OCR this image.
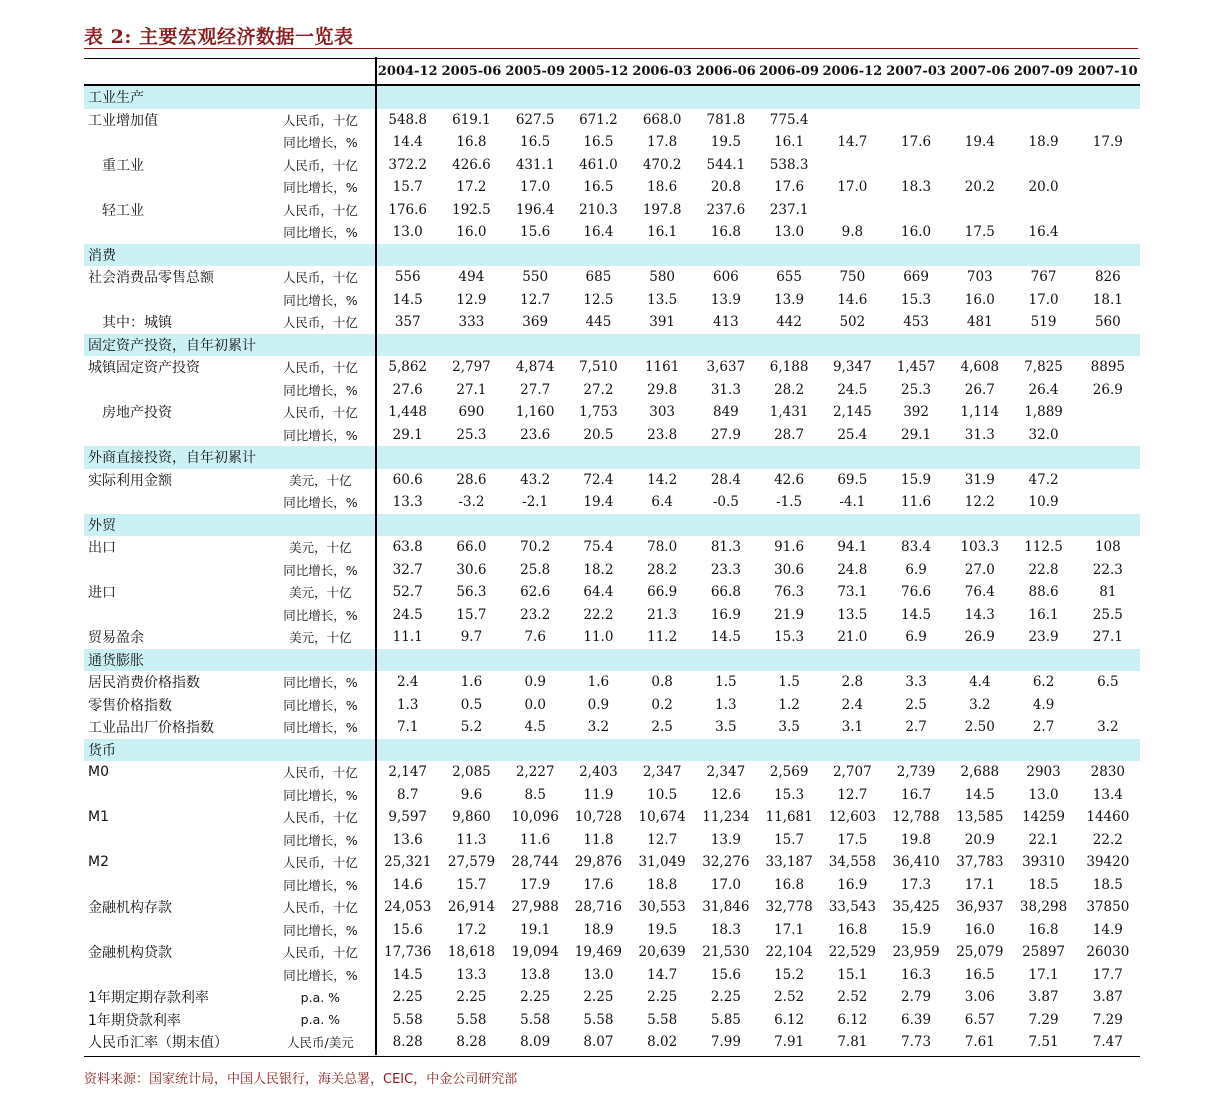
表 2: 主要宏观经济数据一览表
		2004-12	2005-06	2005-09	2005-12	2006-03	2006-06	2006-09	2006-12	2007-03	2007-06	2007-09	2007-10
工业生产													
工业增加值	人民币，十亿	548.8	619.1	627.5	671.2	668.0	781.8	775.4					
	同比增长，%	14.4	16.8	16.5	16.5	17.8	19.5	16.1	14.7	17.6	19.4	18.9	17.9
重工业	人民币，十亿	372.2	426.6	431.1	461.0	470.2	544.1	538.3					
	同比增长，%	15.7	17.2	17.0	16.5	18.6	20.8	17.6	17.0	18.3	20.2	20.0	
轻工业	人民币，十亿	176.6	192.5	196.4	210.3	197.8	237.6	237.1					
	同比增长，%	13.0	16.0	15.6	16.4	16.1	16.8	13.0	9.8	16.0	17.5	16.4	
消费													
社会消费品零售总额	人民币，十亿	556	494	550	685	580	606	655	750	669	703	767	826
	同比增长，%	14.5	12.9	12.7	12.5	13.5	13.9	13.9	14.6	15.3	16.0	17.0	18.1
其中：城镇	人民币，十亿	357	333	369	445	391	413	442	502	453	481	519	560
固定资产投资，自年初累计													
城镇固定资产投资	人民币，十亿	5,862	2,797	4,874	7,510	1161	3,637	6,188	9,347	1,457	4,608	7,825	8895
	同比增长，%	27.6	27.1	27.7	27.2	29.8	31.3	28.2	24.5	25.3	26.7	26.4	26.9
房地产投资	人民币，十亿	1,448	690	1,160	1,753	303	849	1,431	2,145	392	1,114	1,889	
	同比增长，%	29.1	25.3	23.6	20.5	23.8	27.9	28.7	25.4	29.1	31.3	32.0	
外商直接投资，自年初累计													
实际利用金额	美元，十亿	60.6	28.6	43.2	72.4	14.2	28.4	42.6	69.5	15.9	31.9	47.2	
	同比增长，%	13.3	-3.2	-2.1	19.4	6.4	-0.5	-1.5	-4.1	11.6	12.2	10.9	
外贸													
出口	美元，十亿	63.8	66.0	70.2	75.4	78.0	81.3	91.6	94.1	83.4	103.3	112.5	108
	同比增长，%	32.7	30.6	25.8	18.2	28.2	23.3	30.6	24.8	6.9	27.0	22.8	22.3
进口	美元，十亿	52.7	56.3	62.6	64.4	66.9	66.8	76.3	73.1	76.6	76.4	88.6	81
	同比增长，%	24.5	15.7	23.2	22.2	21.3	16.9	21.9	13.5	14.5	14.3	16.1	25.5
贸易盈余	美元，十亿	11.1	9.7	7.6	11.0	11.2	14.5	15.3	21.0	6.9	26.9	23.9	27.1
通货膨胀													
居民消费价格指数	同比增长，%	2.4	1.6	0.9	1.6	0.8	1.5	1.5	2.8	3.3	4.4	6.2	6.5
零售价格指数	同比增长，%	1.3	0.5	0.0	0.9	0.2	1.3	1.2	2.4	2.5	3.2	4.9	
工业品出厂价格指数	同比增长，%	7.1	5.2	4.5	3.2	2.5	3.5	3.5	3.1	2.7	2.50	2.7	3.2
货币													
M0	人民币，十亿	2,147	2,085	2,227	2,403	2,347	2,347	2,569	2,707	2,739	2,688	2903	2830
	同比增长，%	8.7	9.6	8.5	11.9	10.5	12.6	15.3	12.7	16.7	14.5	13.0	13.4
M1	人民币，十亿	9,597	9,860	10,096	10,728	10,674	11,234	11,681	12,603	12,788	13,585	14259	14460
	同比增长，%	13.6	11.3	11.6	11.8	12.7	13.9	15.7	17.5	19.8	20.9	22.1	22.2
M2	人民币，十亿	25,321	27,579	28,744	29,876	31,049	32,276	33,187	34,558	36,410	37,783	39310	39420
	同比增长，%	14.6	15.7	17.9	17.6	18.8	17.0	16.8	16.9	17.3	17.1	18.5	18.5
金融机构存款	人民币，十亿	24,053	26,914	27,988	28,716	30,553	31,846	32,778	33,543	35,425	36,937	38,298	37850
	同比增长，%	15.6	17.2	19.1	18.9	19.5	18.3	17.1	16.8	15.9	16.0	16.8	14.9
金融机构贷款	人民币，十亿	17,736	18,618	19,094	19,469	20,639	21,530	22,104	22,529	23,959	25,079	25897	26030
	同比增长，%	14.5	13.3	13.8	13.0	14.7	15.6	15.2	15.1	16.3	16.5	17.1	17.7
1年期定期存款利率	p.a. %	2.25	2.25	2.25	2.25	2.25	2.25	2.52	2.52	2.79	3.06	3.87	3.87
1年期贷款利率	p.a. %	5.58	5.58	5.58	5.58	5.58	5.85	6.12	6.12	6.39	6.57	7.29	7.29
人民币汇率（期末值）	人民币/美元	8.28	8.28	8.09	8.07	8.02	7.99	7.91	7.81	7.73	7.61	7.51	7.47
资料来源：国家统计局，中国人民银行，海关总署，CEIC，中金公司研究部
